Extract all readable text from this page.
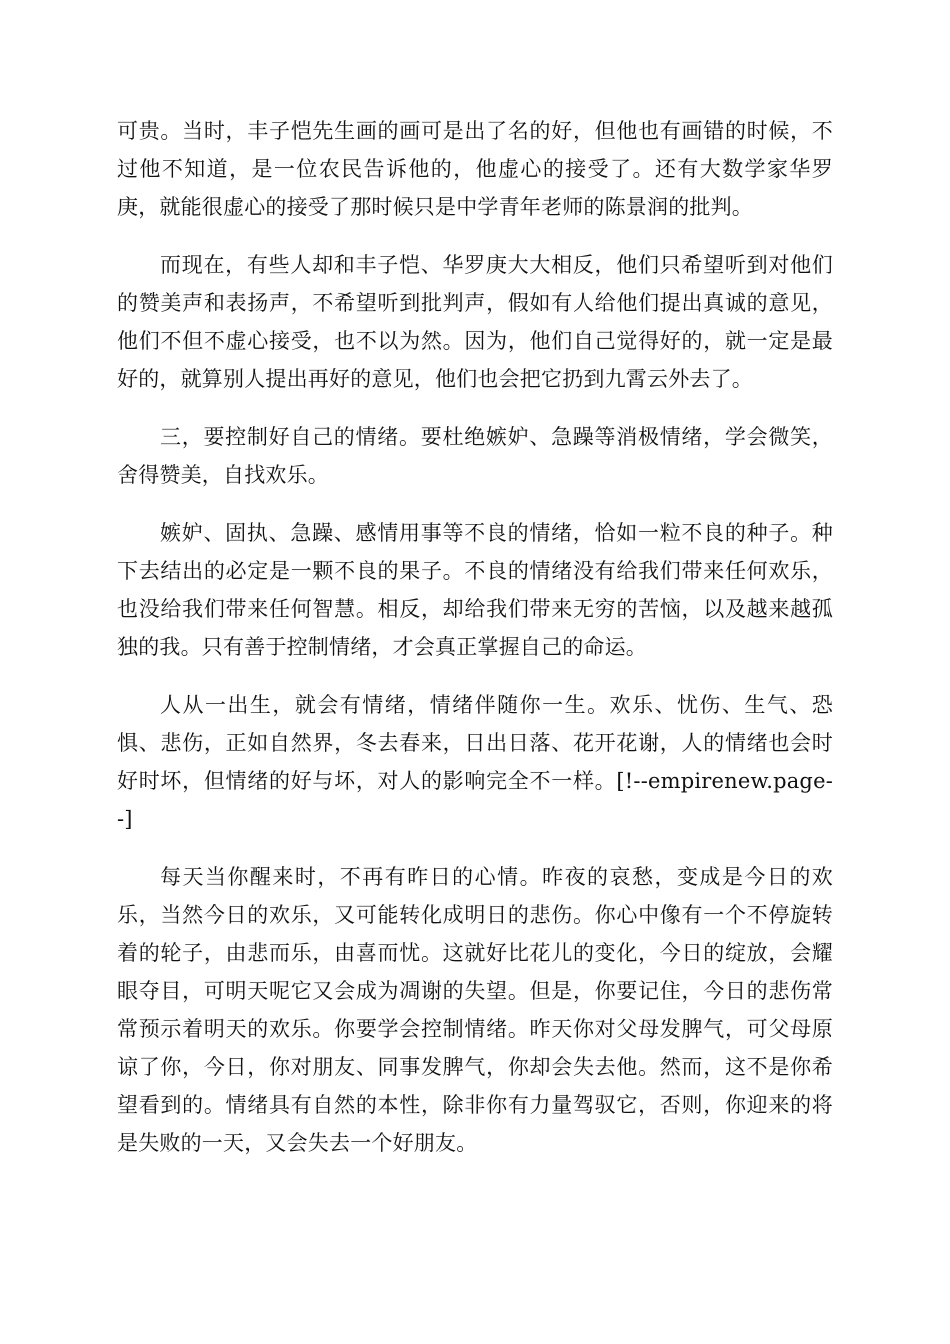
可贵。当时，丰子恺先生画的画可是出了名的好，但他也有画错的时候，不过他不知道，是一位农民告诉他的，他虚心的接受了。还有大数学家华罗庚，就能很虚心的接受了那时候只是中学青年老师的陈景润的批判。

而现在，有些人却和丰子恺、华罗庚大大相反，他们只希望听到对他们的赞美声和表扬声，不希望听到批判声，假如有人给他们提出真诚的意见，他们不但不虚心接受，也不以为然。因为，他们自己觉得好的，就一定是最好的，就算别人提出再好的意见，他们也会把它扔到九霄云外去了。

三，要控制好自己的情绪。要杜绝嫉妒、急躁等消极情绪，学会微笑，舍得赞美，自找欢乐。

嫉妒、固执、急躁、感情用事等不良的情绪，恰如一粒不良的种子。种下去结出的必定是一颗不良的果子。不良的情绪没有给我们带来任何欢乐，也没给我们带来任何智慧。相反，却给我们带来无穷的苦恼，以及越来越孤独的我。只有善于控制情绪，才会真正掌握自己的命运。

人从一出生，就会有情绪，情绪伴随你一生。欢乐、忧伤、生气、恐惧、悲伤，正如自然界，冬去春来，日出日落、花开花谢，人的情绪也会时好时坏，但情绪的好与坏，对人的影响完全不一样。[!--empirenew.page--]

每天当你醒来时，不再有昨日的心情。昨夜的哀愁，变成是今日的欢乐，当然今日的欢乐，又可能转化成明日的悲伤。你心中像有一个不停旋转着的轮子，由悲而乐，由喜而忧。这就好比花儿的变化，今日的绽放，会耀眼夺目，可明天呢它又会成为凋谢的失望。但是，你要记住，今日的悲伤常常预示着明天的欢乐。你要学会控制情绪。昨天你对父母发脾气，可父母原谅了你，今日，你对朋友、同事发脾气，你却会失去他。然而，这不是你希望看到的。情绪具有自然的本性，除非你有力量驾驭它，否则，你迎来的将是失败的一天，又会失去一个好朋友。
